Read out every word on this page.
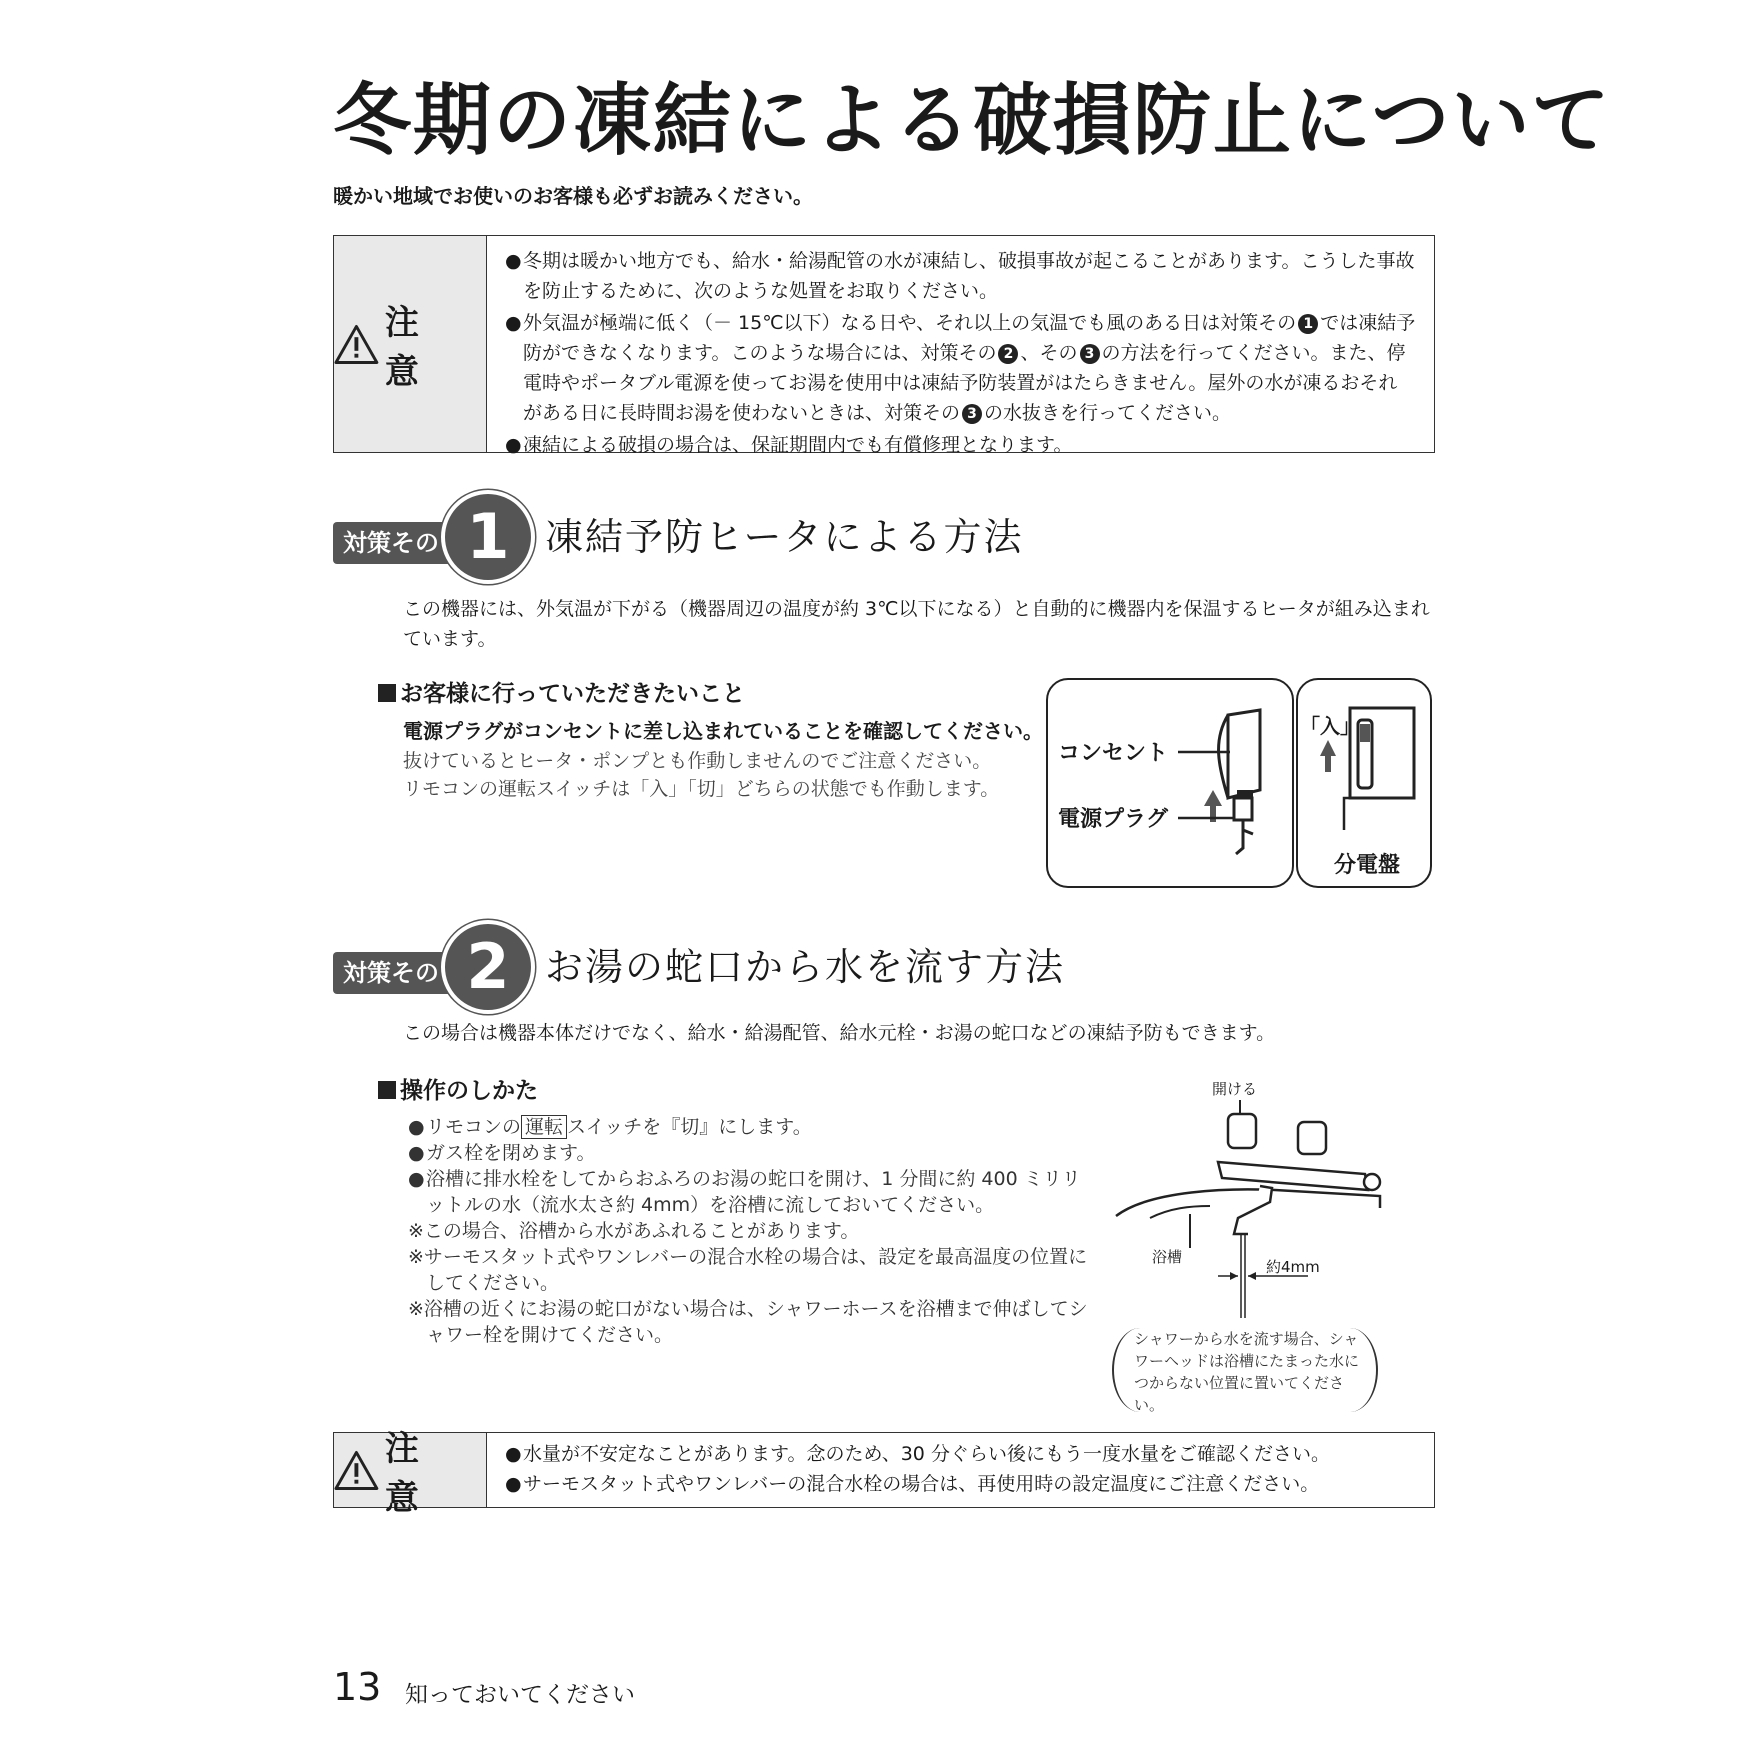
冬期の凍結による破損防止について
暖かい地域でお使いのお客様も必ずお読みください。
注 意
● 冬期は暖かい地方でも、給水・給湯配管の水が凍結し、破損事故が起こることがあります。こうした事故を防止するために、次のような処置をお取りください。
● 外気温が極端に低く（－ 15℃以下）なる日や、それ以上の気温でも風のある日は対策その 1 では凍結予防ができなくなります。このような場合には、対策その 2 、その 3 の方法を行ってください。また、停電時やポータブル電源を使ってお湯を使用中は凍結予防装置がはたらきません。屋外の水が凍るおそれがある日に長時間お湯を使わないときは、対策その 3 の水抜きを行ってください。
● 凍結による破損の場合は、保証期間内でも有償修理となります。
対策その 1 凍結予防ヒータによる方法
この機器には、外気温が下がる（機器周辺の温度が約 3℃以下になる）と自動的に機器内を保温するヒータが組み込まれています。
お客様に行っていただきたいこと
電源プラグがコンセントに差し込まれていることを確認してください。
抜けているとヒータ・ポンプとも作動しませんのでご注意ください。
リモコンの運転スイッチは「入」「切」どちらの状態でも作動します。
コンセント
電源プラグ
「入」
分電盤
対策その 2 お湯の蛇口から水を流す方法
この場合は機器本体だけでなく、給水・給湯配管、給水元栓・お湯の蛇口などの凍結予防もできます。
操作のしかた
● リモコンの 運転 スイッチを『切』にします。
● ガス栓を閉めます。
● 浴槽に排水栓をしてからおふろのお湯の蛇口を開け、1 分間に約 400 ミリリットルの水（流水太さ約 4mm）を浴槽に流しておいてください。
※この場合、浴槽から水があふれることがあります。
※サーモスタット式やワンレバーの混合水栓の場合は、設定を最高温度の位置にしてください。
※浴槽の近くにお湯の蛇口がない場合は、シャワーホースを浴槽まで伸ばしてシャワー栓を開けてください。
開ける
浴槽
約4mm
シャワーから水を流す場合、シャワーヘッドは浴槽にたまった水につからない位置に置いてください。
注 意
● 水量が不安定なことがあります。念のため、30 分ぐらい後にもう一度水量をご確認ください。
● サーモスタット式やワンレバーの混合水栓の場合は、再使用時の設定温度にご注意ください。
13 知っておいてください
